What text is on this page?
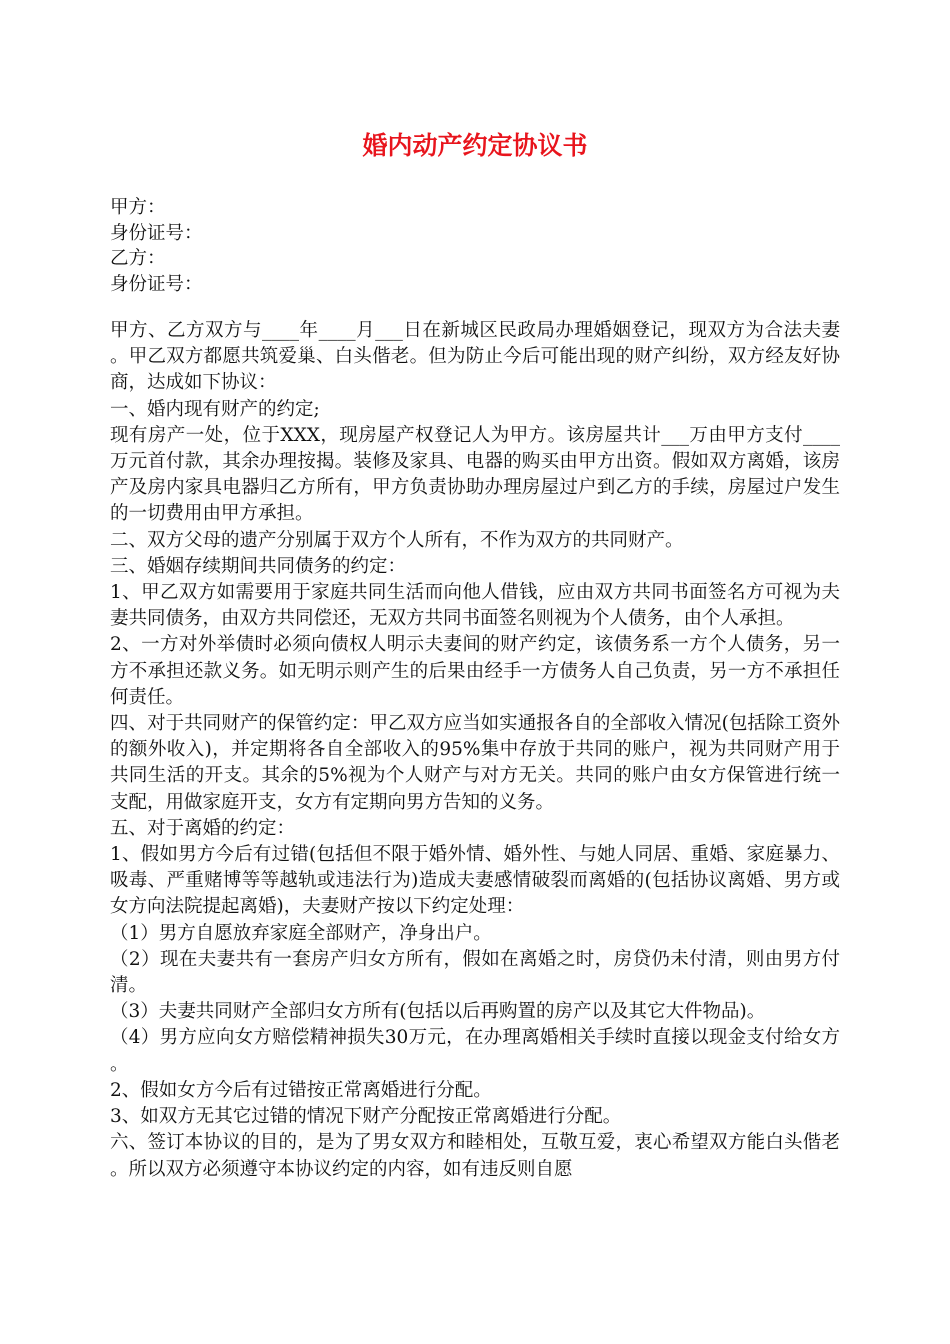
婚内动产约定协议书
甲方：
身份证号：
乙方：
身份证号：

甲方、乙方双方与____年____月___日在新城区民政局办理婚姻登记，现双方为合法夫妻。甲乙双方都愿共筑爱巢、白头偕老。但为防止今后可能出现的财产纠纷，双方经友好协商，达成如下协议：

一、婚内现有财产的约定;

现有房产一处，位于XXX，现房屋产权登记人为甲方。该房屋共计___万由甲方支付____万元首付款，其余办理按揭。装修及家具、电器的购买由甲方出资。假如双方离婚，该房产及房内家具电器归乙方所有，甲方负责协助办理房屋过户到乙方的手续，房屋过户发生的一切费用由甲方承担。

二、双方父母的遗产分别属于双方个人所有，不作为双方的共同财产。

三、婚姻存续期间共同债务的约定：

1、甲乙双方如需要用于家庭共同生活而向他人借钱，应由双方共同书面签名方可视为夫妻共同债务，由双方共同偿还，无双方共同书面签名则视为个人债务，由个人承担。

2、一方对外举债时必须向债权人明示夫妻间的财产约定，该债务系一方个人债务，另一方不承担还款义务。如无明示则产生的后果由经手一方债务人自己负责，另一方不承担任何责任。

四、对于共同财产的保管约定：甲乙双方应当如实通报各自的全部收入情况(包括除工资外的额外收入)，并定期将各自全部收入的95%集中存放于共同的账户，视为共同财产用于共同生活的开支。其余的5%视为个人财产与对方无关。共同的账户由女方保管进行统一支配，用做家庭开支，女方有定期向男方告知的义务。

五、对于离婚的约定：

1、假如男方今后有过错(包括但不限于婚外情、婚外性、与她人同居、重婚、家庭暴力、吸毒、严重赌博等等越轨或违法行为)造成夫妻感情破裂而离婚的(包括协议离婚、男方或女方向法院提起离婚)，夫妻财产按以下约定处理：

（1）男方自愿放弃家庭全部财产，净身出户。

（2）现在夫妻共有一套房产归女方所有，假如在离婚之时，房贷仍未付清，则由男方付清。

（3）夫妻共同财产全部归女方所有(包括以后再购置的房产以及其它大件物品)。

（4）男方应向女方赔偿精神损失30万元，在办理离婚相关手续时直接以现金支付给女方。

2、假如女方今后有过错按正常离婚进行分配。

3、如双方无其它过错的情况下财产分配按正常离婚进行分配。

六、签订本协议的目的，是为了男女双方和睦相处，互敬互爱，衷心希望双方能白头偕老。所以双方必须遵守本协议约定的内容，如有违反则自愿
